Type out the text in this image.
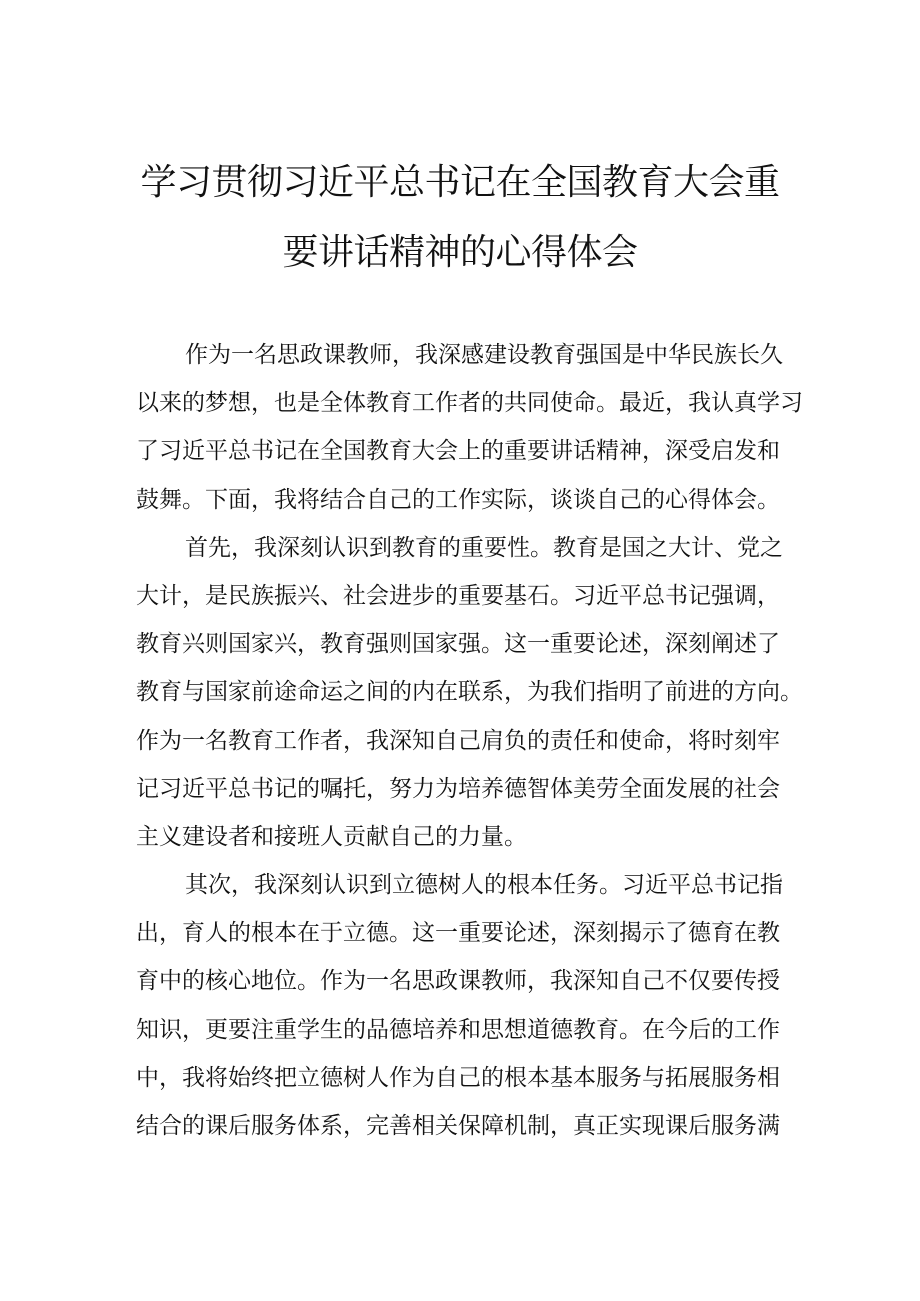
学习贯彻习近平总书记在全国教育大会重
要讲话精神的心得体会
作为一名思政课教师，我深感建设教育强国是中华民族长久
以来的梦想，也是全体教育工作者的共同使命。最近，我认真学习
了习近平总书记在全国教育大会上的重要讲话精神，深受启发和
鼓舞。下面，我将结合自己的工作实际，谈谈自己的心得体会。
首先，我深刻认识到教育的重要性。教育是国之大计、党之
大计，是民族振兴、社会进步的重要基石。习近平总书记强调，
教育兴则国家兴，教育强则国家强。这一重要论述，深刻阐述了
教育与国家前途命运之间的内在联系，为我们指明了前进的方向。
作为一名教育工作者，我深知自己肩负的责任和使命，将时刻牢
记习近平总书记的嘱托，努力为培养德智体美劳全面发展的社会
主义建设者和接班人贡献自己的力量。
其次，我深刻认识到立德树人的根本任务。习近平总书记指
出，育人的根本在于立德。这一重要论述，深刻揭示了德育在教
育中的核心地位。作为一名思政课教师，我深知自己不仅要传授
知识，更要注重学生的品德培养和思想道德教育。在今后的工作
中，我将始终把立德树人作为自己的根本基本服务与拓展服务相
结合的课后服务体系，完善相关保障机制，真正实现课后服务满
